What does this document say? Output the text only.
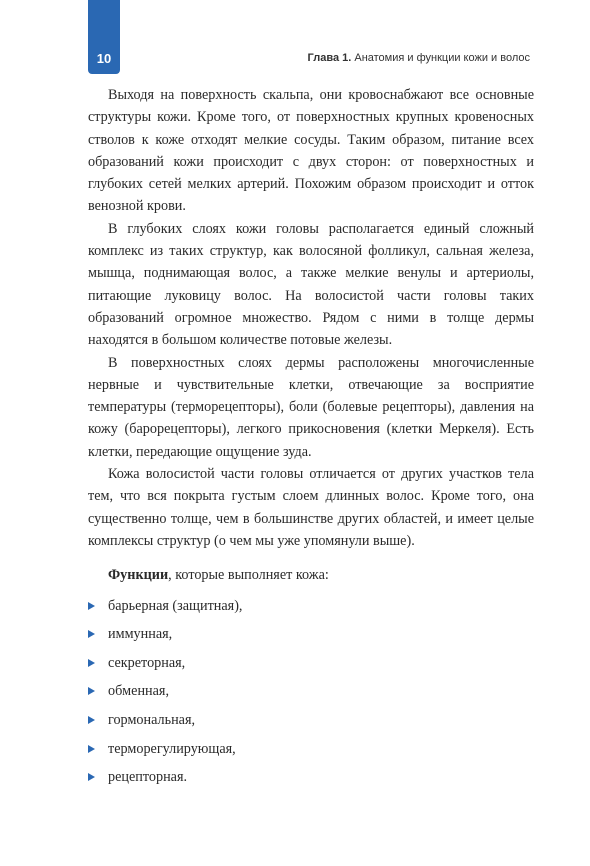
10	Глава 1. Анатомия и функции кожи и волос

Выходя на поверхность скальпа, они кровоснабжают все основные структуры кожи. Кроме того, от поверхностных крупных кровеносных стволов к коже отходят мелкие сосуды. Таким образом, питание всех образований кожи происходит с двух сторон: от поверхностных и глубоких сетей мелких артерий. Похожим образом происходит и отток венозной крови.

В глубоких слоях кожи головы располагается единый сложный комплекс из таких структур, как волосяной фолликул, сальная железа, мышца, поднимающая волос, а также мелкие венулы и артериолы, питающие луковицу волос. На волосистой части головы таких образований огромное множество. Рядом с ними в толще дермы находятся в большом количестве потовые железы.

В поверхностных слоях дермы расположены многочисленные нервные и чувствительные клетки, отвечающие за восприятие температуры (терморецепторы), боли (болевые рецепторы), давления на кожу (барорецепторы), легкого прикосновения (клетки Меркеля). Есть клетки, передающие ощущение зуда.

Кожа волосистой части головы отличается от других участков тела тем, что вся покрыта густым слоем длинных волос. Кроме того, она существенно толще, чем в большинстве других областей, и имеет целые комплексы структур (о чем мы уже упомянули выше).

Функции, которые выполняет кожа:

барьерная (защитная),
иммунная,
секреторная,
обменная,
гормональная,
терморегулирующая,
рецепторная.
